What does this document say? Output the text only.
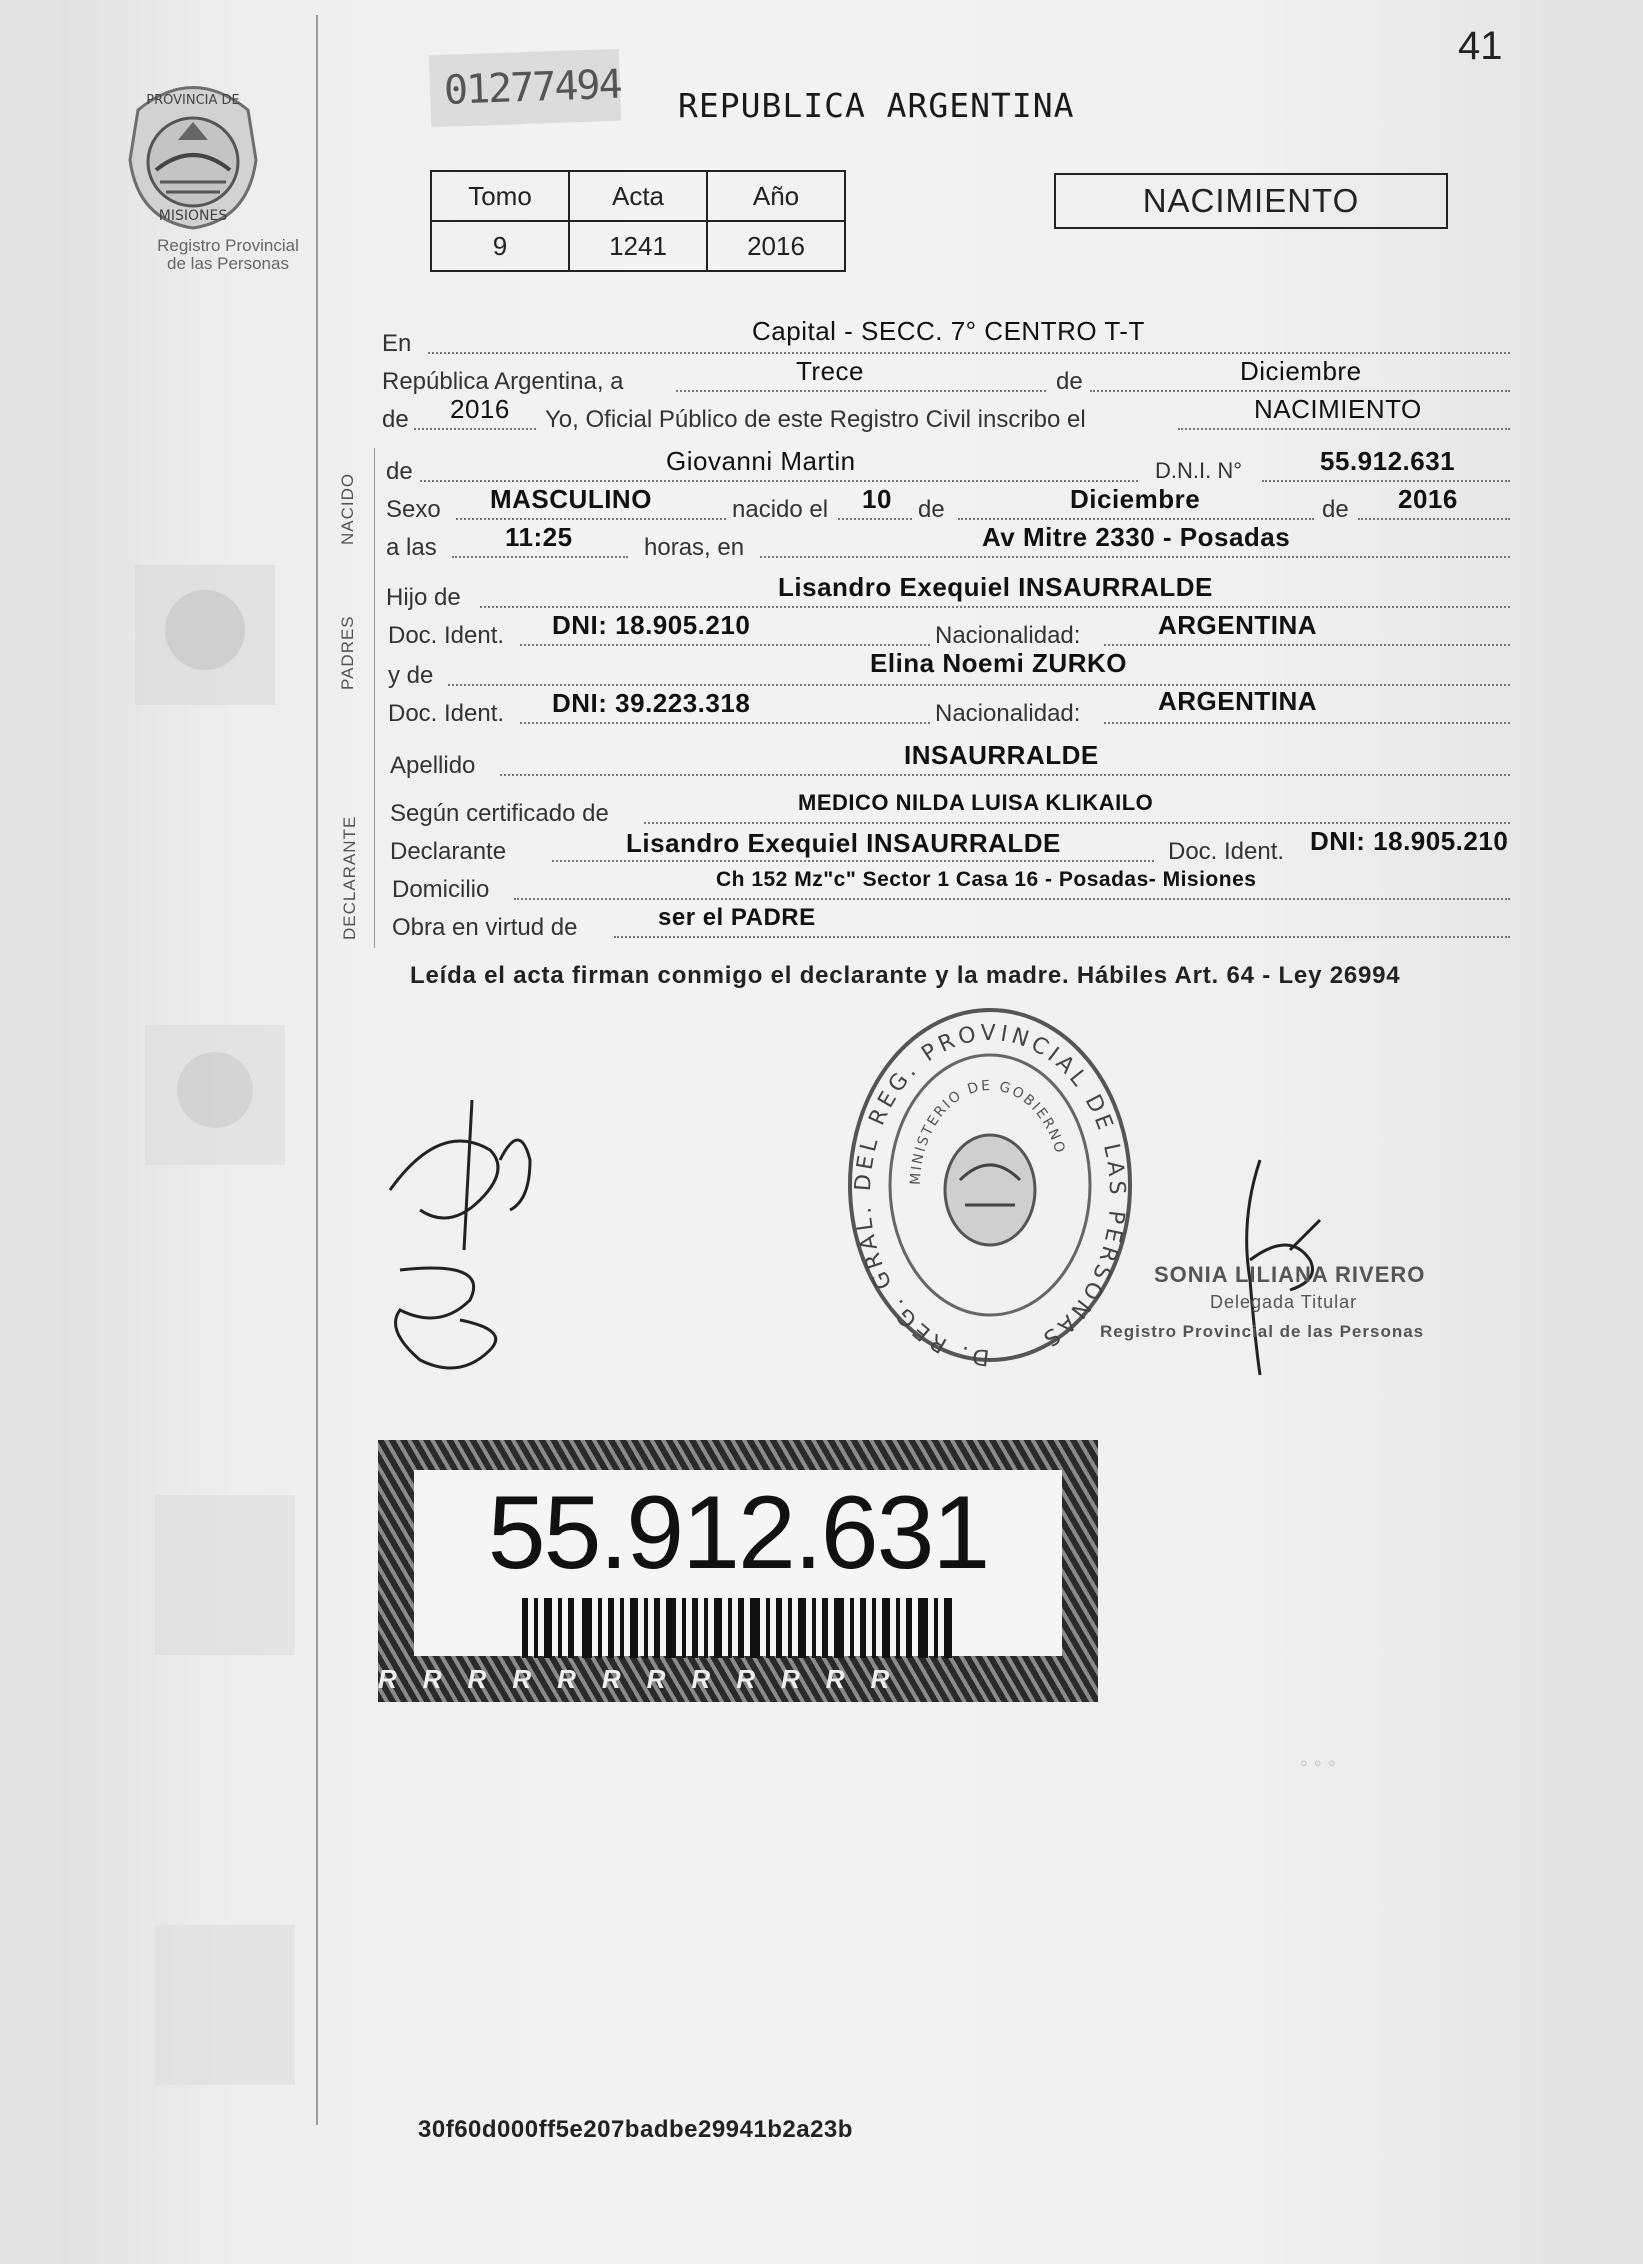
◦ ◦ ◦
41
01277494 REPUBLICA ARGENTINA
PROVINCIA DE
MISIONES
Registro Provincial
de las Personas
Tomo	Acta	Año
9	1241	2016
NACIMIENTO
NACIDO
PADRES
DECLARANTE
En	Capital - SECC. 7° CENTRO T-T
República Argentina, a	Trece	de	Diciembre
de 2016 Yo, Oficial Público de este Registro Civil inscribo el	NACIMIENTO
de	Giovanni Martin	D.N.I. N°	55.912.631
Sexo MASCULINO	nacido el 10 de	Diciembre	de 2016
a las	11:25	horas, en	Av Mitre 2330 - Posadas
Hijo de	Lisandro Exequiel INSAURRALDE
Doc. Ident. DNI: 18.905.210	Nacionalidad:	ARGENTINA
y de	Elina Noemi ZURKO
Doc. Ident. DNI: 39.223.318	Nacionalidad:	ARGENTINA
Apellido	INSAURRALDE
Según certificado de	MEDICO NILDA LUISA KLIKAILO
Declarante	Lisandro Exequiel INSAURRALDE	Doc. Ident. DNI: 18.905.210
Domicilio	Ch 152 Mz"c" Sector 1 Casa 16 - Posadas- Misiones
Obra en virtud de	ser el PADRE
Leída el acta firman conmigo el declarante y la madre. Hábiles Art. 64 - Ley 26994
D. REG. GRAL. DEL REG. PROVINCIAL DE LAS PERSONAS
MINISTERIO DE GOBIERNO
SONIA LILIANA RIVERO
Delegada Titular
Registro Provincial de las Personas
55.912.631
RRRRRRRRRRRR
30f60d000ff5e207badbe29941b2a23b
